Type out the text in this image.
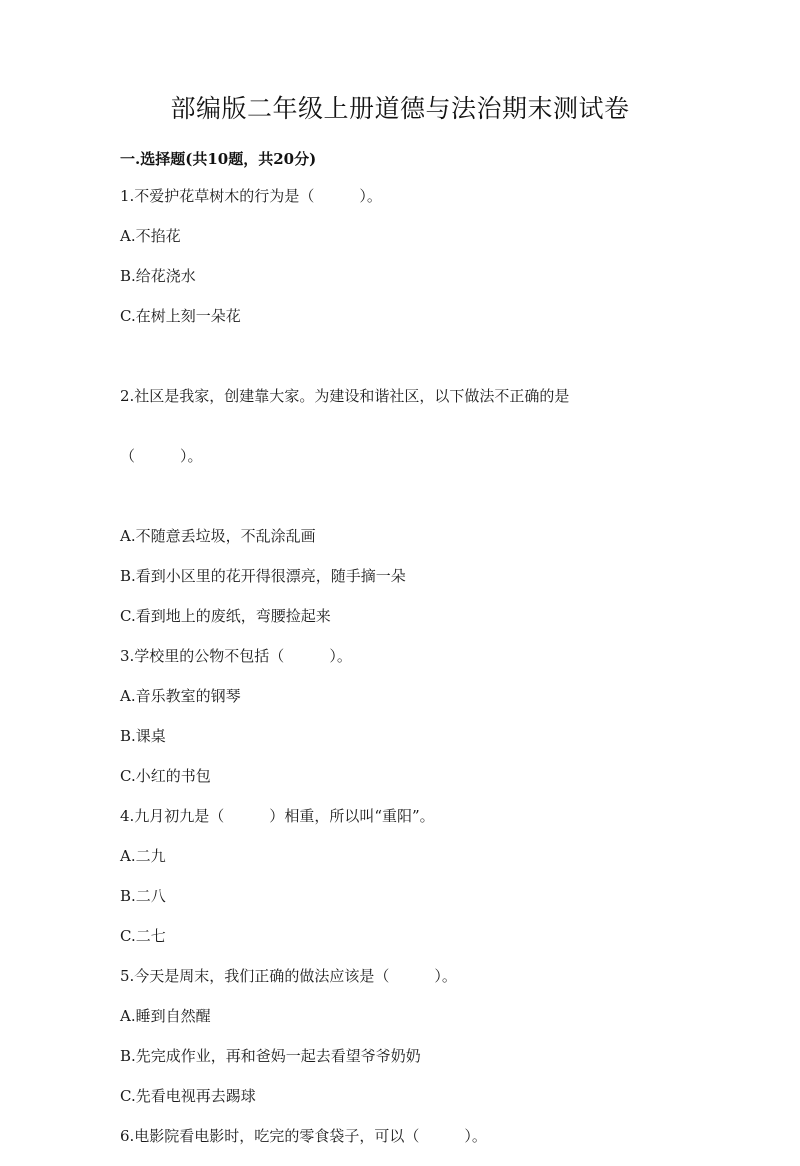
部编版二年级上册道德与法治期末测试卷
一.选择题(共10题，共20分)
1.不爱护花草树木的行为是（　　　）。
A.不掐花
B.给花浇水
C.在树上刻一朵花

2.社区是我家，创建靠大家。为建设和谐社区，以下做法不正确的是

（　　　）。

A.不随意丢垃圾，不乱涂乱画
B.看到小区里的花开得很漂亮，随手摘一朵
C.看到地上的废纸，弯腰捡起来
3.学校里的公物不包括（　　　）。
A.音乐教室的钢琴
B.课桌
C.小红的书包
4.九月初九是（　　　）相重，所以叫“重阳”。
A.二九
B.二八
C.二七
5.今天是周末，我们正确的做法应该是（　　　）。
A.睡到自然醒
B.先完成作业，再和爸妈一起去看望爷爷奶奶
C.先看电视再去踢球
6.电影院看电影时，吃完的零食袋子，可以（　　　）。
